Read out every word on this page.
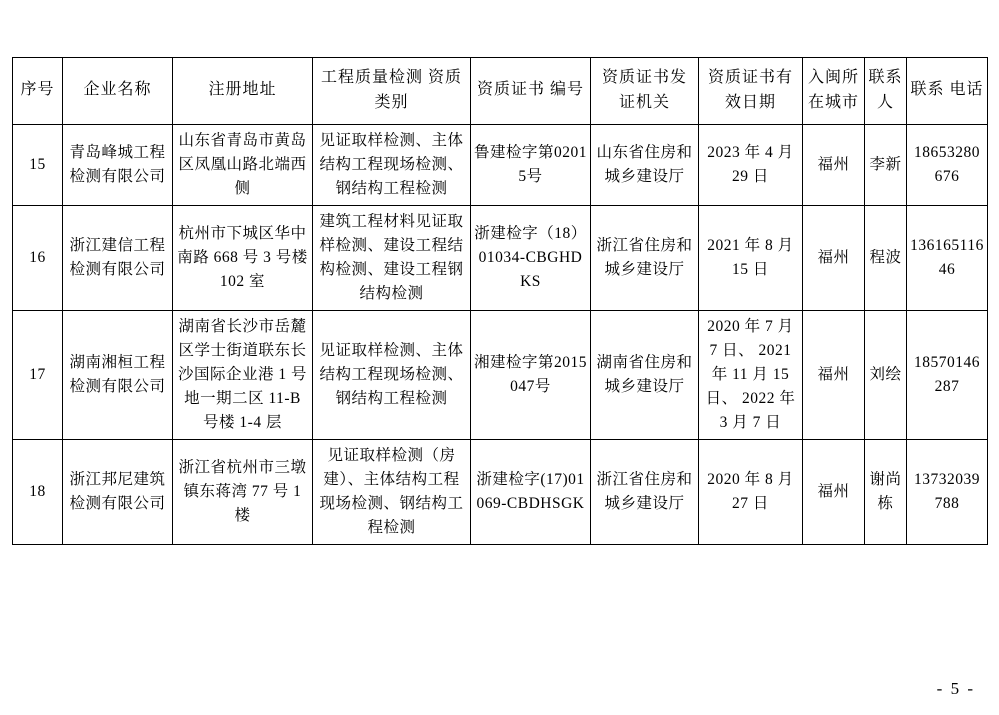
序号	企业名称	注册地址	工程质量检测 资质类别	资质证书 编号	资质证书发 证机关	资质证书有 效日期	入闽所 在城市	联系 人	联系 电话
15	青岛峰城工程检测有限公司	山东省青岛市黄岛区凤凰山路北端西侧	见证取样检测、主体结构工程现场检测、钢结构工程检测	鲁建检字第02015号	山东省住房和城乡建设厅	2023 年 4 月 29 日	福州	李新	18653280676
16	浙江建信工程检测有限公司	杭州市下城区华中南路 668 号 3 号楼 102 室	建筑工程材料见证取样检测、建设工程结构检测、建设工程钢结构检测	浙建检字（18）01034-CBGHDKS	浙江省住房和城乡建设厅	2021 年 8 月 15 日	福州	程波	13616511646
17	湖南湘桓工程检测有限公司	湖南省长沙市岳麓区学士街道联东长沙国际企业港 1 号地一期二区 11-B 号楼 1-4 层	见证取样检测、主体结构工程现场检测、钢结构工程检测	湘建检字第2015047号	湖南省住房和城乡建设厅	2020 年 7 月 7 日、 2021 年 11 月 15 日、 2022 年 3 月 7 日	福州	刘绘	18570146287
18	浙江邦尼建筑检测有限公司	浙江省杭州市三墩镇东蒋湾 77 号 1 楼	见证取样检测（房建）、主体结构工程现场检测、钢结构工程检测	浙建检字(17)01069-CBDHSGK	浙江省住房和城乡建设厅	2020 年 8 月 27 日	福州	谢尚栋	13732039788
- 5 -
